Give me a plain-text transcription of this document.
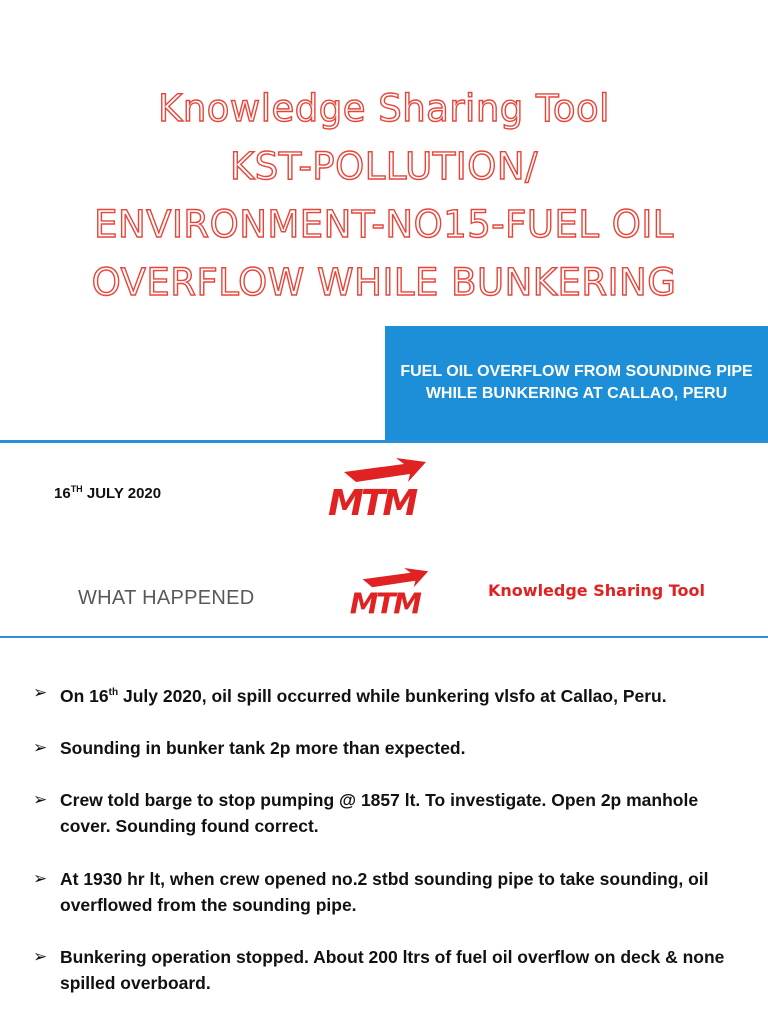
Knowledge Sharing Tool
KST-POLLUTION/
ENVIRONMENT-NO15-FUEL OIL
OVERFLOW WHILE BUNKERING
FUEL OIL OVERFLOW FROM SOUNDING PIPE WHILE BUNKERING AT CALLAO, PERU
16TH JULY 2020	MTM
WHAT HAPPENED	MTM	Knowledge Sharing Tool
➢ On 16th July 2020, oil spill occurred while bunkering vlsfo at Callao, Peru.
➢ Sounding in bunker tank 2p more than expected.
➢ Crew told barge to stop pumping @ 1857 lt. To investigate. Open 2p manhole cover. Sounding found correct.
➢ At 1930 hr lt, when crew opened no.2 stbd sounding pipe to take sounding, oil overflowed from the sounding pipe.
➢ Bunkering operation stopped. About 200 ltrs of fuel oil overflow on deck & none spilled overboard.
